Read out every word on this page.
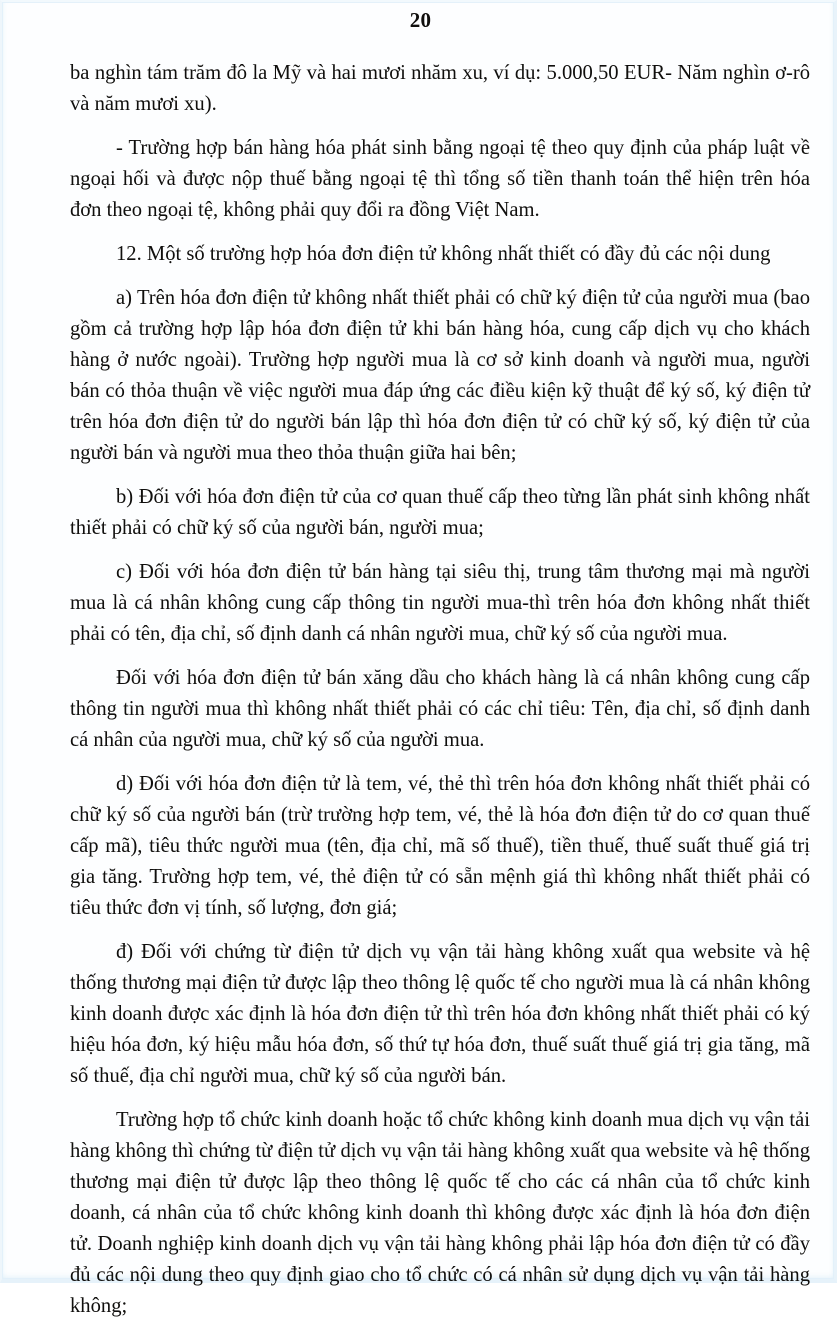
20

ba nghìn tám trăm đô la Mỹ và hai mươi nhăm xu, ví dụ: 5.000,50 EUR- Năm nghìn ơ-rô và năm mươi xu).

- Trường hợp bán hàng hóa phát sinh bằng ngoại tệ theo quy định của pháp luật về ngoại hối và được nộp thuế bằng ngoại tệ thì tổng số tiền thanh toán thể hiện trên hóa đơn theo ngoại tệ, không phải quy đổi ra đồng Việt Nam.

12. Một số trường hợp hóa đơn điện tử không nhất thiết có đầy đủ các nội dung

a) Trên hóa đơn điện tử không nhất thiết phải có chữ ký điện tử của người mua (bao gồm cả trường hợp lập hóa đơn điện tử khi bán hàng hóa, cung cấp dịch vụ cho khách hàng ở nước ngoài). Trường hợp người mua là cơ sở kinh doanh và người mua, người bán có thỏa thuận về việc người mua đáp ứng các điều kiện kỹ thuật để ký số, ký điện tử trên hóa đơn điện tử do người bán lập thì hóa đơn điện tử có chữ ký số, ký điện tử của người bán và người mua theo thỏa thuận giữa hai bên;

b) Đối với hóa đơn điện tử của cơ quan thuế cấp theo từng lần phát sinh không nhất thiết phải có chữ ký số của người bán, người mua;

c) Đối với hóa đơn điện tử bán hàng tại siêu thị, trung tâm thương mại mà người mua là cá nhân không cung cấp thông tin người mua-thì trên hóa đơn không nhất thiết phải có tên, địa chỉ, số định danh cá nhân người mua, chữ ký số của người mua.

Đối với hóa đơn điện tử bán xăng dầu cho khách hàng là cá nhân không cung cấp thông tin người mua thì không nhất thiết phải có các chỉ tiêu: Tên, địa chỉ, số định danh cá nhân của người mua, chữ ký số của người mua.

d) Đối với hóa đơn điện tử là tem, vé, thẻ thì trên hóa đơn không nhất thiết phải có chữ ký số của người bán (trừ trường hợp tem, vé, thẻ là hóa đơn điện tử do cơ quan thuế cấp mã), tiêu thức người mua (tên, địa chỉ, mã số thuế), tiền thuế, thuế suất thuế giá trị gia tăng. Trường hợp tem, vé, thẻ điện tử có sẵn mệnh giá thì không nhất thiết phải có tiêu thức đơn vị tính, số lượng, đơn giá;

đ) Đối với chứng từ điện tử dịch vụ vận tải hàng không xuất qua website và hệ thống thương mại điện tử được lập theo thông lệ quốc tế cho người mua là cá nhân không kinh doanh được xác định là hóa đơn điện tử thì trên hóa đơn không nhất thiết phải có ký hiệu hóa đơn, ký hiệu mẫu hóa đơn, số thứ tự hóa đơn, thuế suất thuế giá trị gia tăng, mã số thuế, địa chỉ người mua, chữ ký số của người bán.

Trường hợp tổ chức kinh doanh hoặc tổ chức không kinh doanh mua dịch vụ vận tải hàng không thì chứng từ điện tử dịch vụ vận tải hàng không xuất qua website và hệ thống thương mại điện tử được lập theo thông lệ quốc tế cho các cá nhân của tổ chức kinh doanh, cá nhân của tổ chức không kinh doanh thì không được xác định là hóa đơn điện tử. Doanh nghiệp kinh doanh dịch vụ vận tải hàng không phải lập hóa đơn điện tử có đầy đủ các nội dung theo quy định giao cho tổ chức có cá nhân sử dụng dịch vụ vận tải hàng không;
